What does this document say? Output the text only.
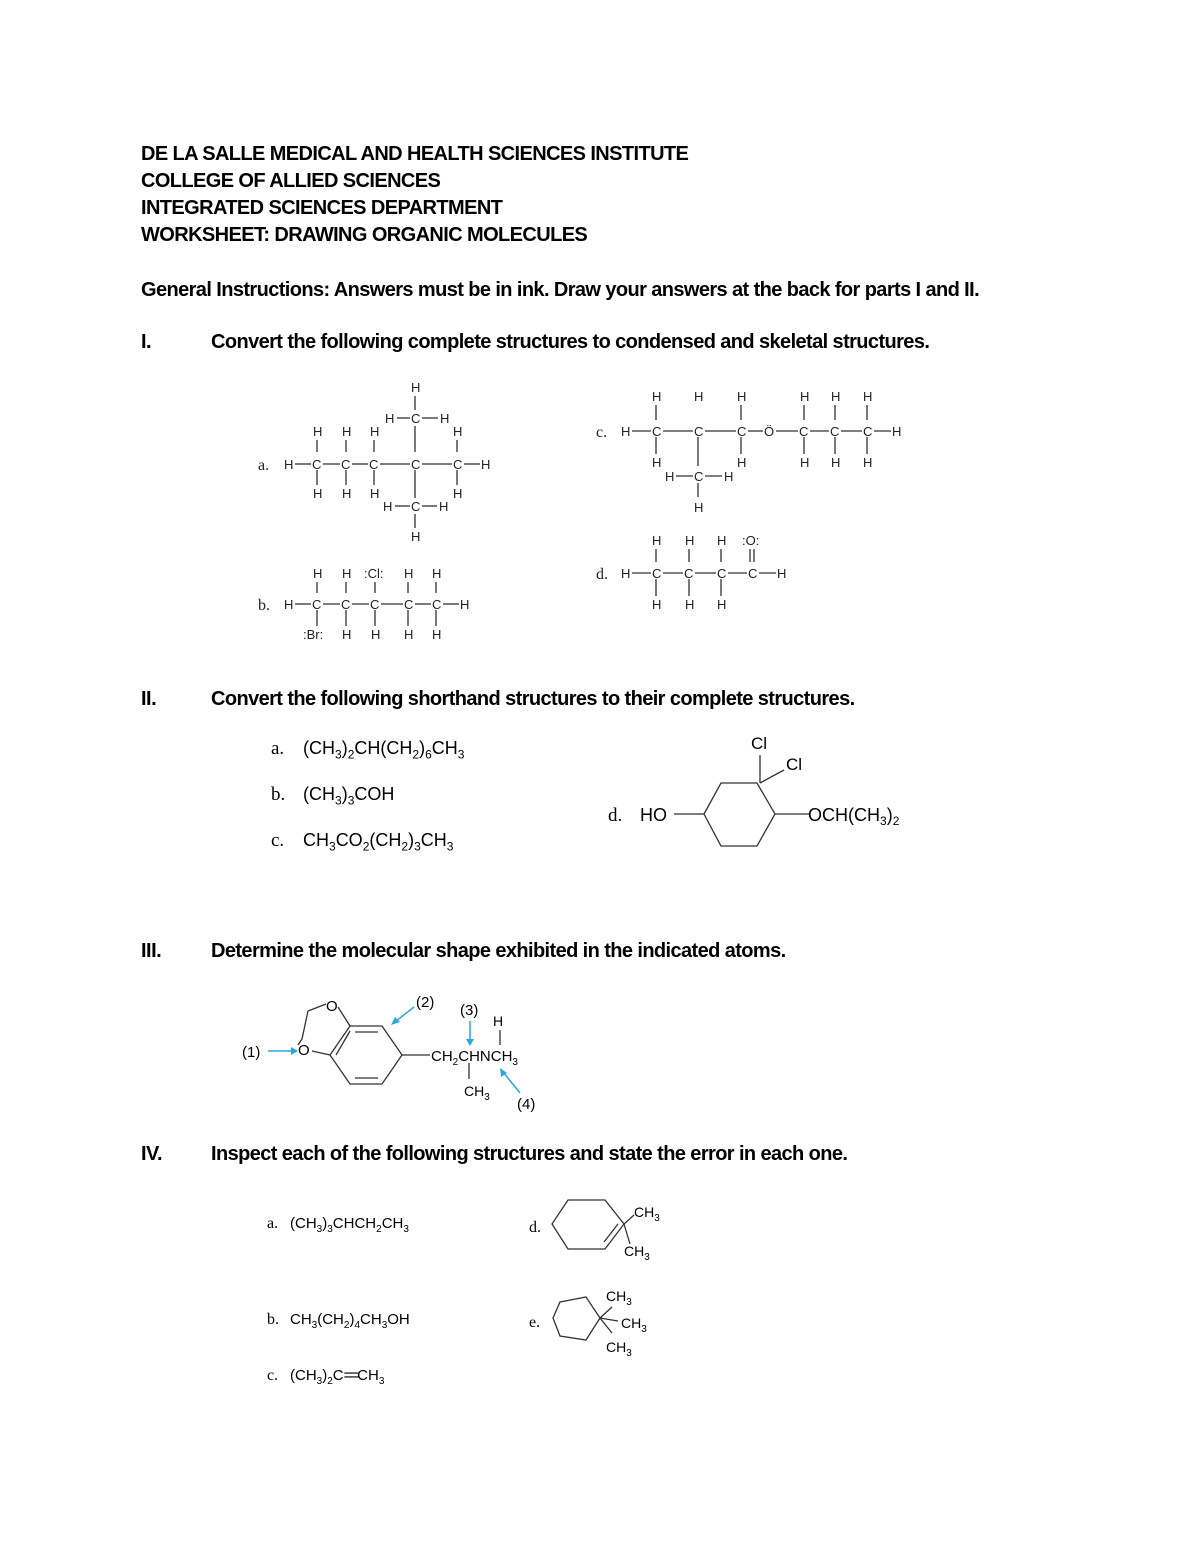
DE LA SALLE MEDICAL AND HEALTH SCIENCES INSTITUTE
COLLEGE OF ALLIED SCIENCES
INTEGRATED SCIENCES DEPARTMENT
WORKSHEET: DRAWING ORGANIC MOLECULES
General Instructions: Answers must be in ink. Draw your answers at the back for parts I and II.
I.	Convert the following complete structures to condensed and skeletal structures.
II.	Convert the following shorthand structures to their complete structures.
III. Determine the molecular shape exhibited in the indicated atoms.
IV. Inspect each of the following structures and state the error in each one.
a. H C C C	C	C H
H H H	H
H H H	H
H
H C H
H C H
H
b. H C C C C C H
H H :Cl: H H
:Br: H H H H
c. H C	C	C Ö C C C H
H	H	H	H H H
H	H	H H H
H C H
H
d. H C C C C H
H H H :O:
H H H
a. $(CH_3)_2CH(CH_2)_6CH_3$
b. $(CH_3)_3COH$
c. $CH_3CO_2(CH_2)_3CH_3$
d. HO	$OCH(CH_3)_2$
Cl
Cl
O
O	$CH_2CHNCH_3$
H
$CH_3$
(1)
(2) (3)
(4)
a. $(CH_3)_3CHCH_2CH_3$
b. $CH_3(CH_2)_4CH_3OH$
c. $(CH_3)_2C==CH_3$
d.
$CH_3$
$CH_3$
e.
$CH_3$
$CH_3$
$CH_3$
